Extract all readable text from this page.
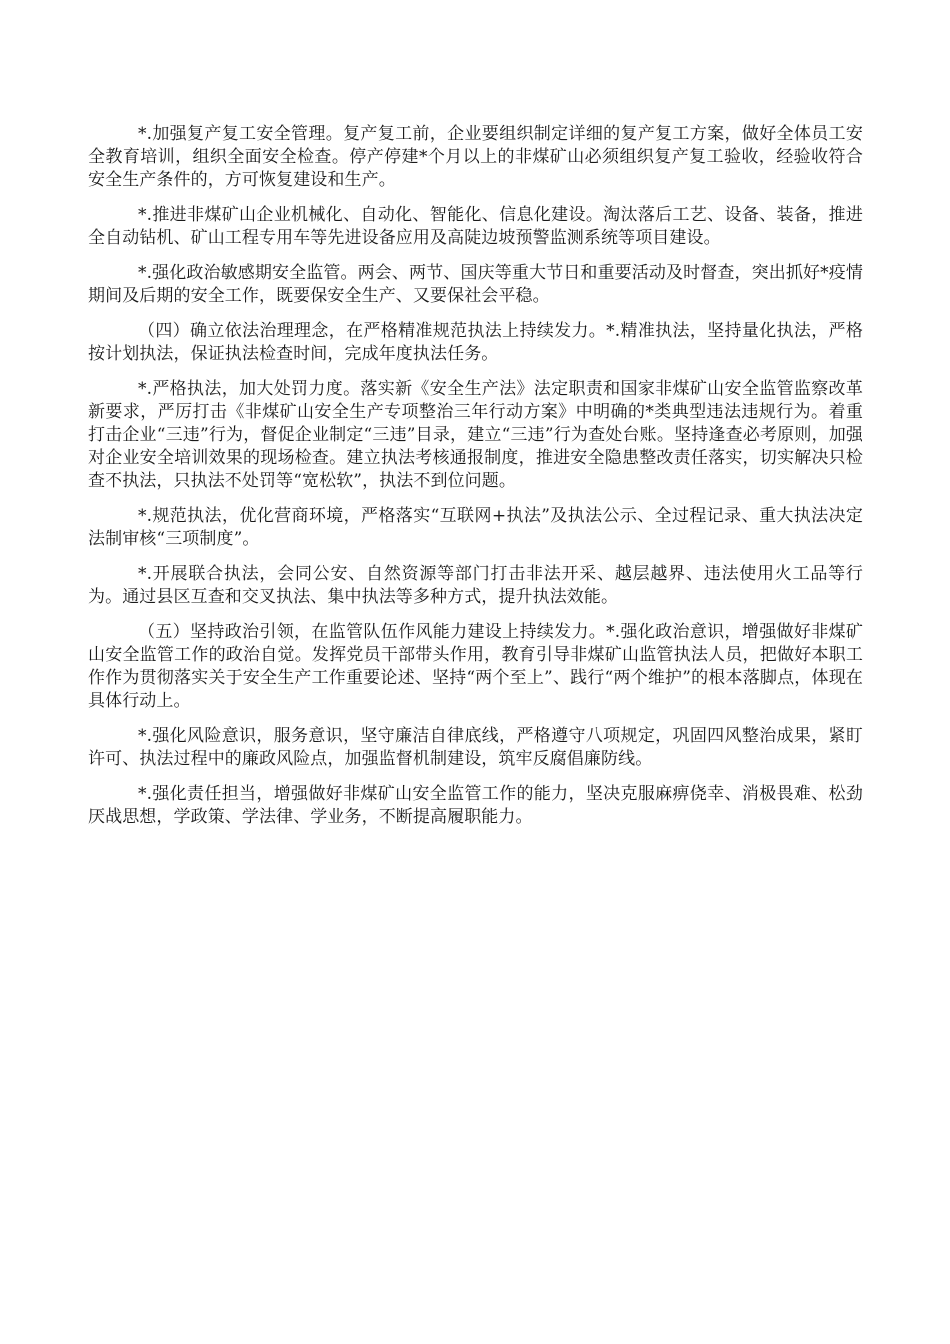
*.加强复产复工安全管理。复产复工前，企业要组织制定详细的复产复工方案，做好全体员工安全教育培训，组织全面安全检查。停产停建*个月以上的非煤矿山必须组织复产复工验收，经验收符合安全生产条件的，方可恢复建设和生产。

*.推进非煤矿山企业机械化、自动化、智能化、信息化建设。淘汰落后工艺、设备、装备，推进全自动钻机、矿山工程专用车等先进设备应用及高陡边坡预警监测系统等项目建设。

*.强化政治敏感期安全监管。两会、两节、国庆等重大节日和重要活动及时督查，突出抓好*疫情期间及后期的安全工作，既要保安全生产、又要保社会平稳。

（四）确立依法治理理念，在严格精准规范执法上持续发力。*.精准执法，坚持量化执法，严格按计划执法，保证执法检查时间，完成年度执法任务。

*.严格执法，加大处罚力度。落实新《安全生产法》法定职责和国家非煤矿山安全监管监察改革新要求，严厉打击《非煤矿山安全生产专项整治三年行动方案》中明确的*类典型违法违规行为。着重打击企业“三违”行为，督促企业制定“三违”目录，建立“三违”行为查处台账。坚持逢查必考原则，加强对企业安全培训效果的现场检查。建立执法考核通报制度，推进安全隐患整改责任落实，切实解决只检查不执法，只执法不处罚等“宽松软”，执法不到位问题。

*.规范执法，优化营商环境，严格落实“互联网+执法”及执法公示、全过程记录、重大执法决定法制审核“三项制度”。

*.开展联合执法，会同公安、自然资源等部门打击非法开采、越层越界、违法使用火工品等行为。通过县区互查和交叉执法、集中执法等多种方式，提升执法效能。

（五）坚持政治引领，在监管队伍作风能力建设上持续发力。*.强化政治意识，增强做好非煤矿山安全监管工作的政治自觉。发挥党员干部带头作用，教育引导非煤矿山监管执法人员，把做好本职工作作为贯彻落实关于安全生产工作重要论述、坚持“两个至上”、践行“两个维护”的根本落脚点，体现在具体行动上。

*.强化风险意识，服务意识，坚守廉洁自律底线，严格遵守八项规定，巩固四风整治成果，紧盯许可、执法过程中的廉政风险点，加强监督机制建设，筑牢反腐倡廉防线。

*.强化责任担当，增强做好非煤矿山安全监管工作的能力，坚决克服麻痹侥幸、消极畏难、松劲厌战思想，学政策、学法律、学业务，不断提高履职能力。
